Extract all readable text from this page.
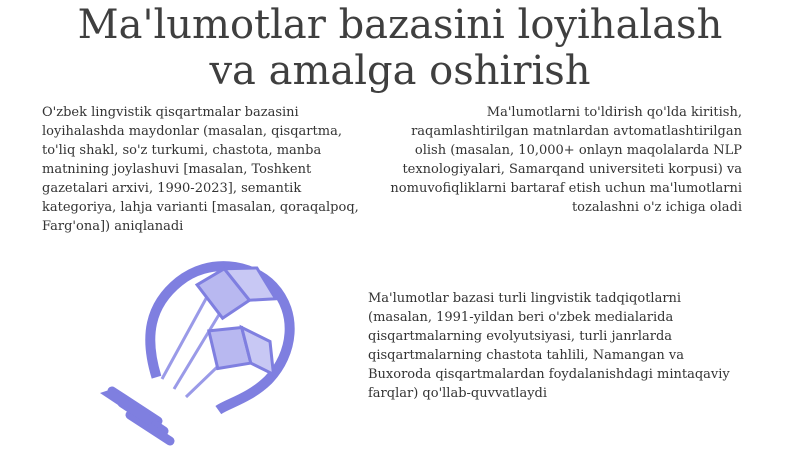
Ma'lumotlar bazasini loyihalash
va amalga oshirish
O'zbek lingvistik qisqartmalar bazasini loyihalashda maydonlar (masalan, qisqartma, to'liq shakl, so'z turkumi, chastota, manba matnining joylashuvi [masalan, Toshkent gazetalari arxivi, 1990-2023], semantik kategoriya, lahja varianti [masalan, qoraqalpoq, Farg'ona]) aniqlanadi
Ma'lumotlarni to'ldirish qo'lda kiritish, raqamlashtirilgan matnlardan avtomatlashtirilgan olish (masalan, 10,000+ onlayn maqolalarda NLP texnologiyalari, Samarqand universiteti korpusi) va nomuvofiqliklarni bartaraf etish uchun ma'lumotlarni tozalashni o'z ichiga oladi
Ma'lumotlar bazasi turli lingvistik tadqiqotlarni (masalan, 1991-yildan beri o'zbek medialarida qisqartmalarning evolyutsiyasi, turli janrlarda qisqartmalarning chastota tahlili, Namangan va Buxoroda qisqartmalardan foydalanishdagi mintaqaviy farqlar) qo'llab-quvvatlaydi
